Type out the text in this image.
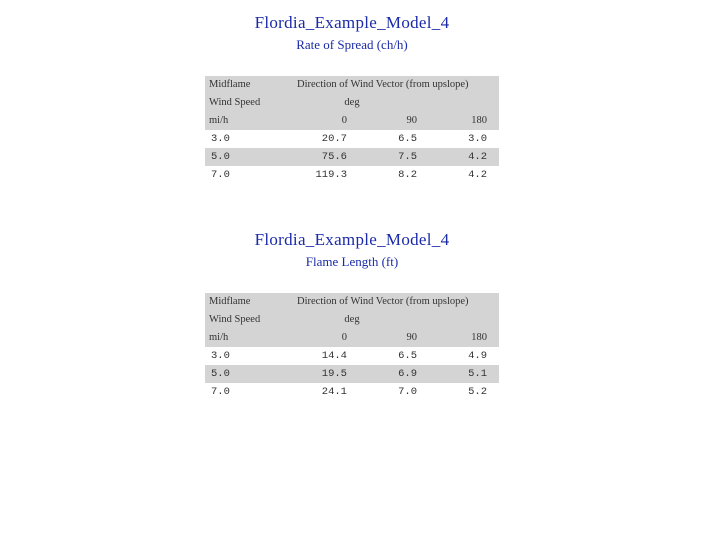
Flordia_Example_Model_4
Rate of Spread (ch/h)
Midflame	Direction of Wind Vector (from upslope)
Wind Speed	deg
mi/h	0	90	180
3.0	20.7	6.5	3.0
5.0	75.6	7.5	4.2
7.0	119.3	8.2	4.2
Flordia_Example_Model_4
Flame Length (ft)
Midflame	Direction of Wind Vector (from upslope)
Wind Speed	deg
mi/h	0	90	180
3.0	14.4	6.5	4.9
5.0	19.5	6.9	5.1
7.0	24.1	7.0	5.2
